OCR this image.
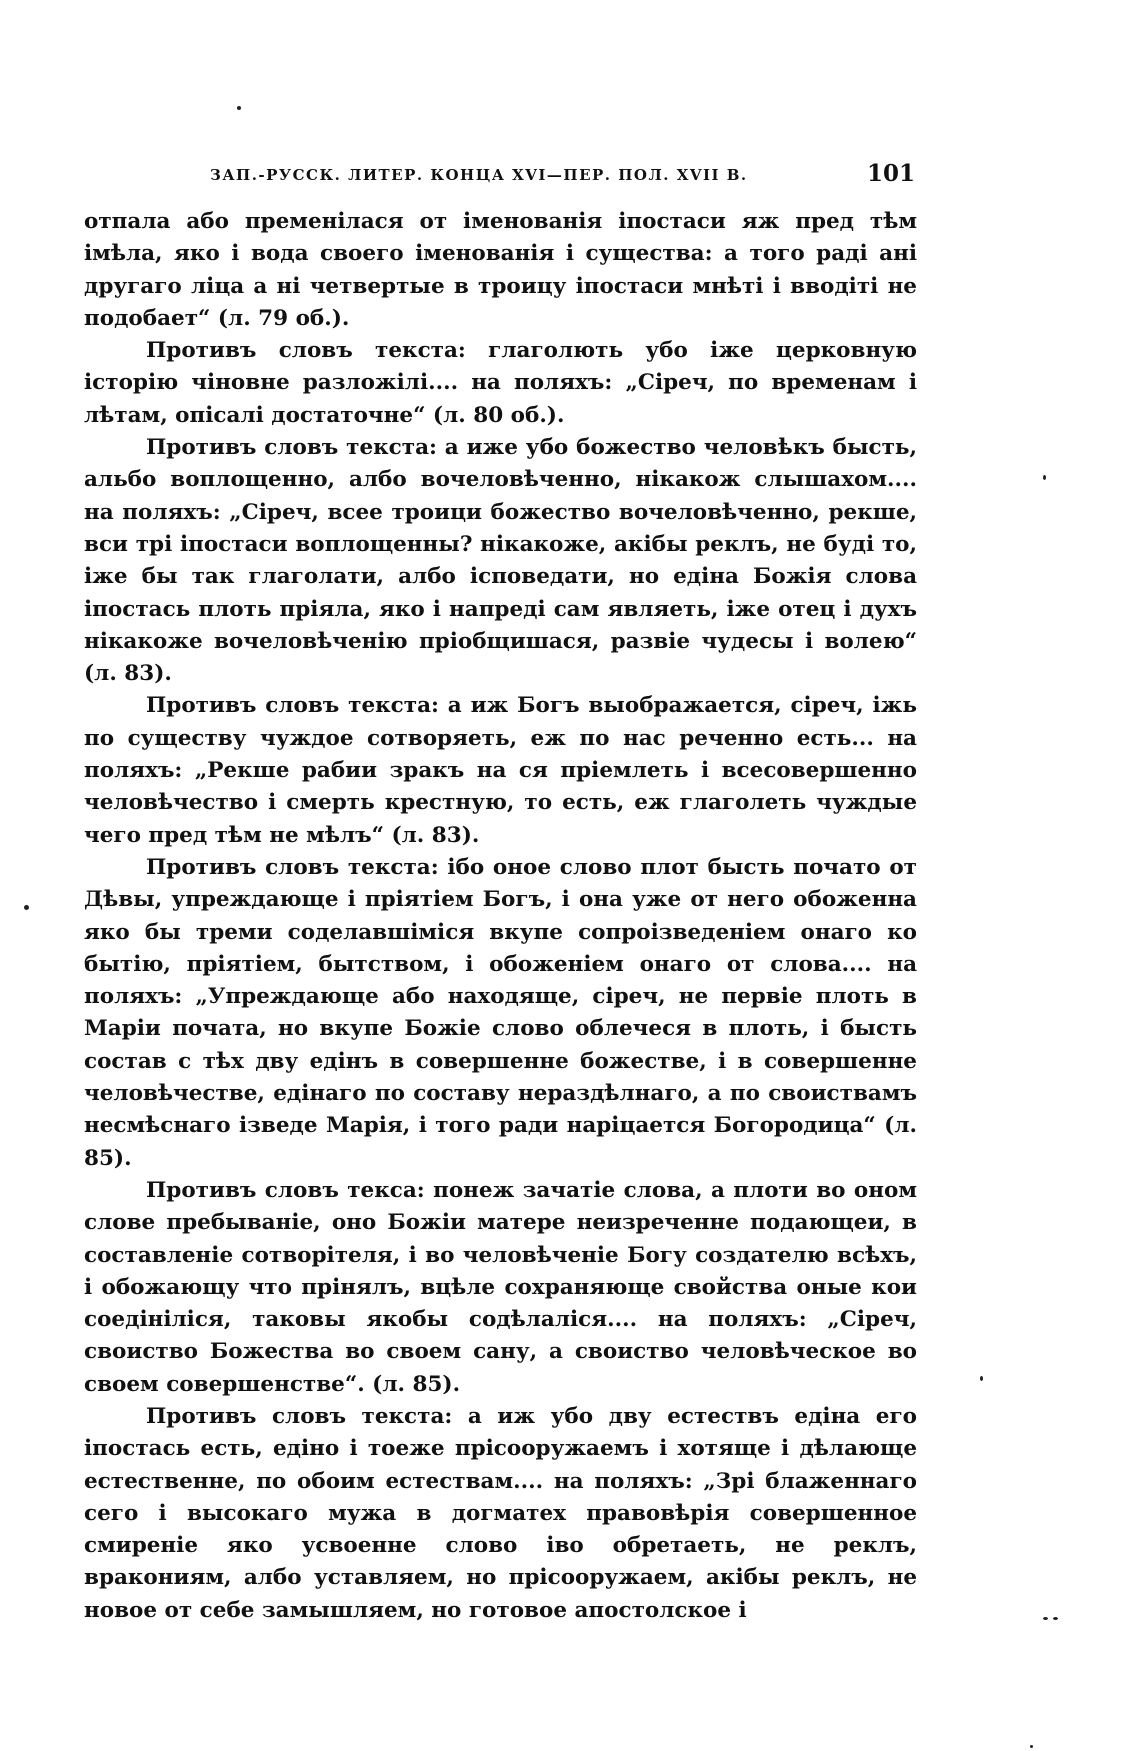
ЗАП.-РУССК. ЛИТЕР. КОНЦА XVI—ПЕР. ПОЛ. XVII В.	101

отпала або пременілася от іменованія іпостаси яж пред тѣм імѣла, яко і вода своего іменованія і существа: а того раді ані другаго ліца а ні четвертые в троицу іпостаси мнѣті і вводіті не подобает“ (л. 79 об.).

Противъ словъ текста: глаголють убо іже церковную історію чіновне разложілі.... на поляхъ: „Сіреч, по временам і лѣтам, опісалі достаточне“ (л. 80 об.).

Противъ словъ текста: а иже убо божество человѣкъ бысть, альбо воплощенно, албо вочеловѣченно, нікакож слышахом.... на поляхъ: „Сіреч, всее троици божество вочеловѣченно, рекше, вси трі іпостаси воплощенны? нікакоже, акібы реклъ, не буді то, іже бы так глаголати, албо ісповедати, но едіна Божія слова іпостась плоть пріяла, яко і напреді сам являеть, іже отец і духъ нікакоже вочеловѣченію пріобщишася, развіе чудесы і волею“ (л. 83).

Противъ словъ текста: а иж Богъ выображается, сіреч, іжь по существу чуждое сотворяеть, еж по нас реченно есть... на поляхъ: „Рекше рабии зракъ на ся пріемлеть і всесовершенно человѣчество і смерть крестную, то есть, еж глаголеть чуждые чего пред тѣм не мѣлъ“ (л. 83).

Противъ словъ текста: ібо оное слово плот бысть почато от Дѣвы, упреждающе і пріятіем Богъ, і она уже от него обоженна яко бы треми соделавшіміся вкупе сопроізведеніем онаго ко бытію, пріятіем, бытством, і обоженіем онаго от слова.... на поляхъ: „Упреждающе або находяще, сіреч, не первіе плоть в Маріи почата, но вкупе Божіе слово облечеся в плоть, і бысть состав с тѣх дву едінъ в совершенне божестве, і в совершенне человѣчестве, едінаго по составу нераздѣлнаго, а по своиствамъ несмѣснаго ізведе Марія, і того ради наріцается Богородица“ (л. 85).

Противъ словъ текса: понеж зачатіе слова, а плоти во оном слове пребываніе, оно Божіи матере неизреченне подающеи, в составленіе сотворітеля, і во человѣченіе Богу создателю всѣхъ, і обожающу что прінялъ, вцѣле сохраняюще свойства оные кои соедініліся, таковы якобы содѣлаліся.... на поляхъ: „Сіреч, своиство Божества во своем сану, а своиство человѣческое во своем совершенстве“. (л. 85).

Противъ словъ текста: а иж убо дву естествъ едіна его іпостась есть, едіно і тоеже прісооружаемъ і хотяще і дѣлающе естественне, по обоим естествам.... на поляхъ: „Зрі блаженнаго сего і высокаго мужа в догматех правовѣрія совершенное смиреніе яко усвоенне слово іво обретаеть, не реклъ, вракониям, албо уставляем, но прісооружаем, акібы реклъ, не новое от себе замышляем, но готовое апостолское і
